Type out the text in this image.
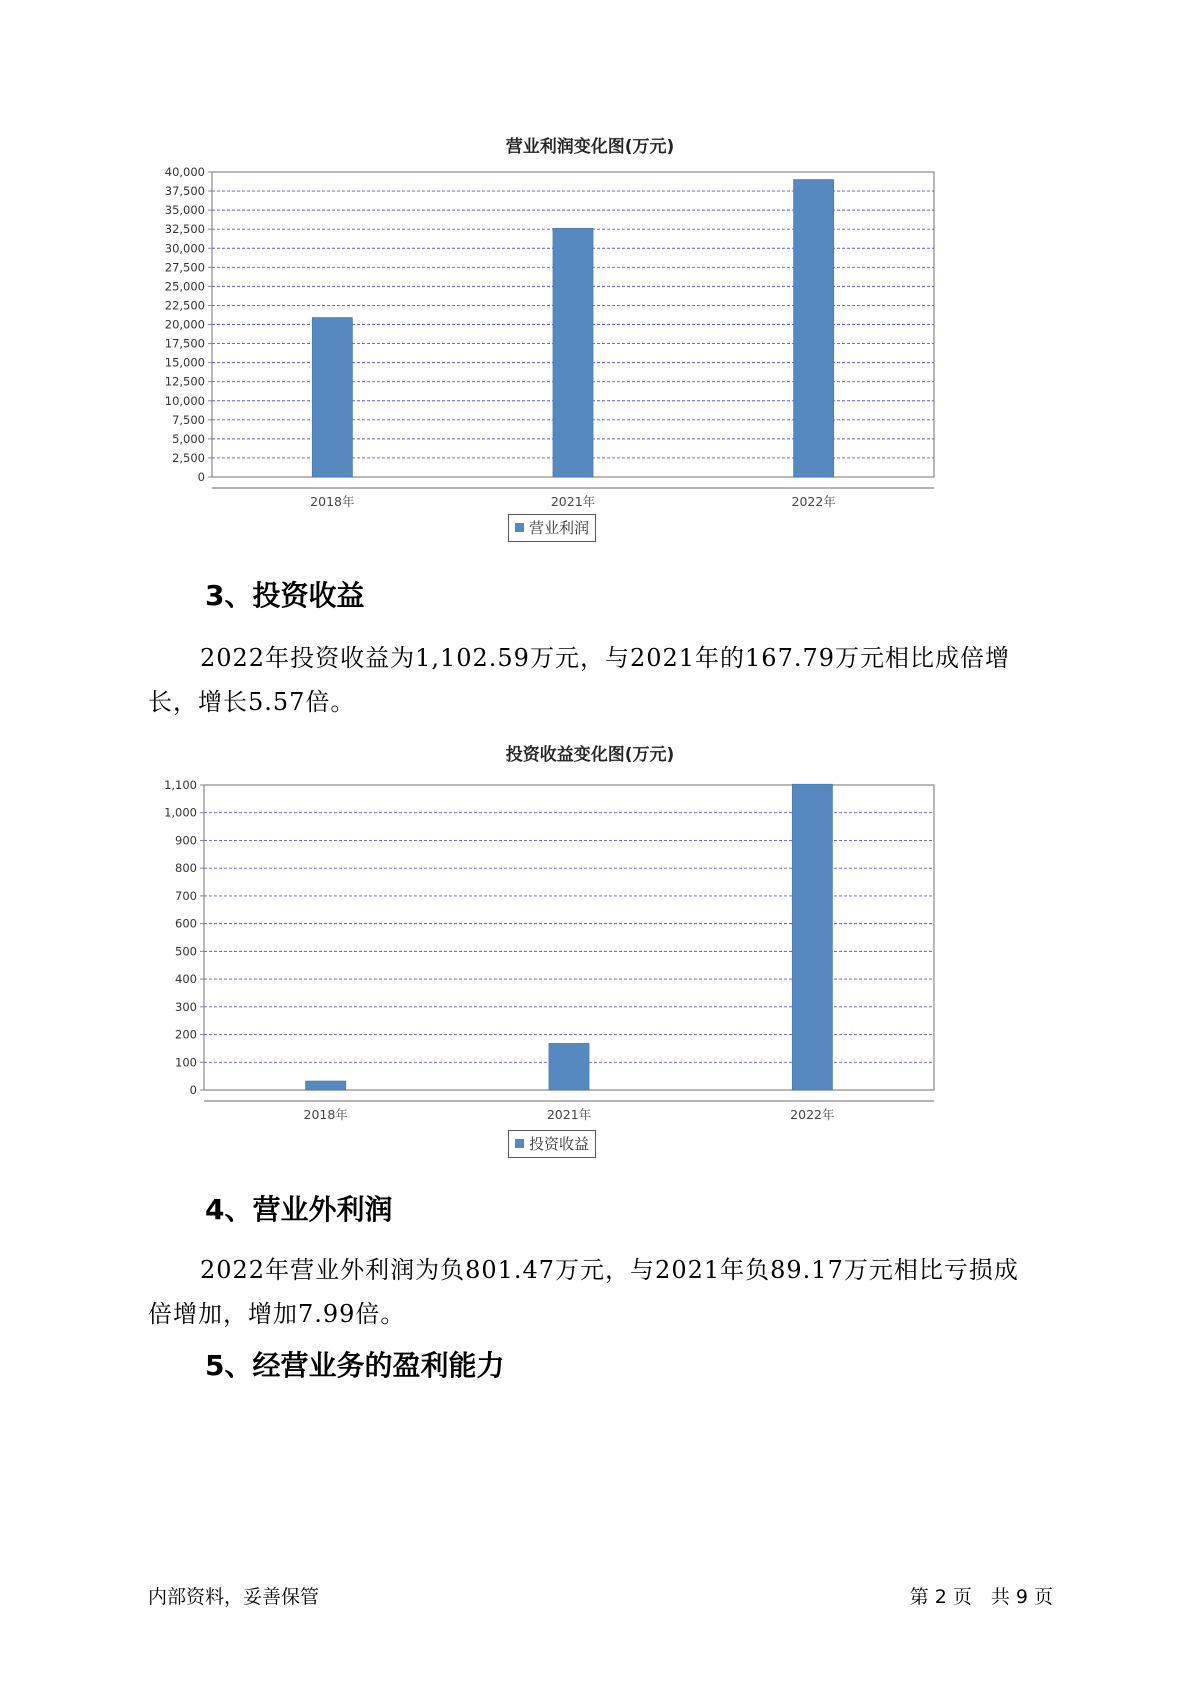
营业利润变化图(万元)
0
2,500
5,000
7,500
10,000
12,500
15,000
17,500
20,000
22,500
25,000
27,500
30,000
32,500
35,000
37,500
40,000
2018年	2021年	2022年
营业利润
3、投资收益
2022年投资收益为1,102.59万元，与2021年的167.79万元相比成倍增
长，增长5.57倍。
投资收益变化图(万元)
0
100
200
300
400
500
600
700
800
900
1,000
1,100
2018年	2021年	2022年
投资收益
4、营业外利润
2022年营业外利润为负801.47万元，与2021年负89.17万元相比亏损成
倍增加，增加7.99倍。
5、经营业务的盈利能力
内部资料，妥善保管	第 2 页　共 9 页
